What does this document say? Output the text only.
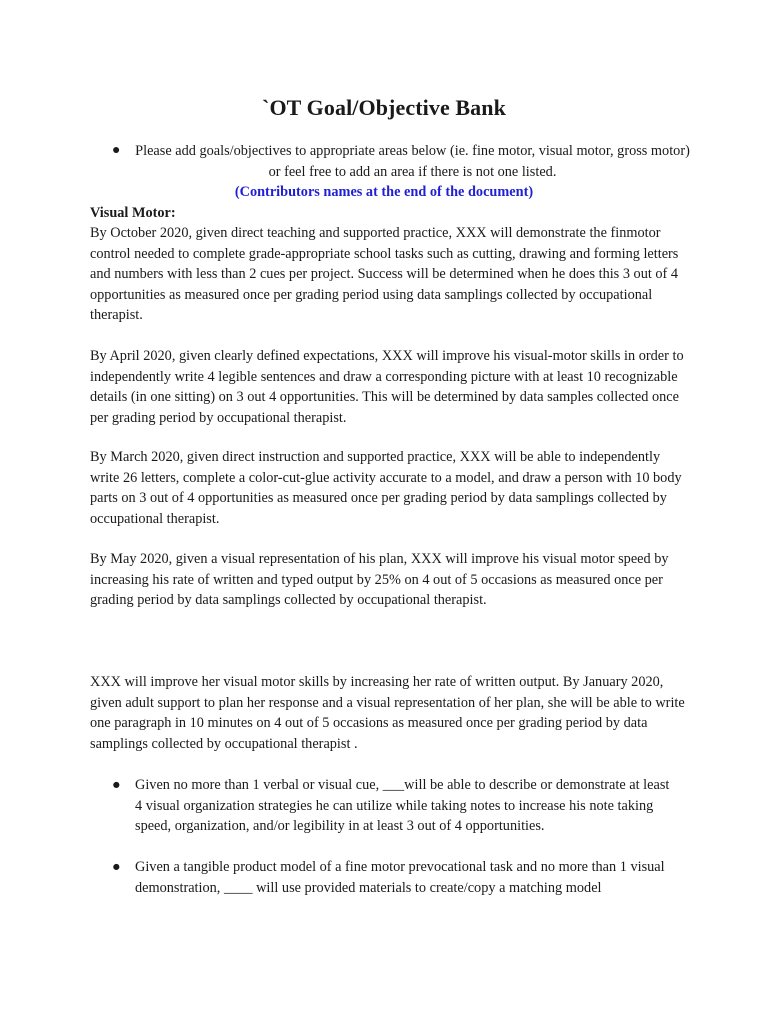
`OT Goal/Objective Bank
● Please add goals/objectives to appropriate areas below (ie. fine motor, visual motor, gross motor) or feel free to add an area if there is not one listed.
(Contributors names at the end of the document)
Visual Motor:

By October 2020, given direct teaching and supported practice, XXX will demonstrate the finmotor control needed to complete grade-appropriate school tasks such as cutting, drawing and forming letters and numbers with less than 2 cues per project. Success will be determined when he does this 3 out of 4 opportunities as measured once per grading period using data samplings collected by occupational therapist.

By April 2020, given clearly defined expectations, XXX will improve his visual-motor skills in order to independently write 4 legible sentences and draw a corresponding picture with at least 10 recognizable details (in one sitting) on 3 out 4 opportunities. This will be determined by data samples collected once per grading period by occupational therapist.

By March 2020, given direct instruction and supported practice, XXX will be able to independently write 26 letters, complete a color-cut-glue activity accurate to a model, and draw a person with 10 body parts on 3 out of 4 opportunities as measured once per grading period by data samplings collected by occupational therapist.

By May 2020, given a visual representation of his plan, XXX will improve his visual motor speed by increasing his rate of written and typed output by 25% on 4 out of 5 occasions as measured once per grading period by data samplings collected by occupational therapist.

XXX will improve her visual motor skills by increasing her rate of written output. By January 2020, given adult support to plan her response and a visual representation of her plan, she will be able to write one paragraph in 10 minutes on 4 out of 5 occasions as measured once per grading period by data samplings collected by occupational therapist .

● Given no more than 1 verbal or visual cue, ___will be able to describe or demonstrate at least 4 visual organization strategies he can utilize while taking notes to increase his note taking speed, organization, and/or legibility in at least 3 out of 4 opportunities.
● Given a tangible product model of a fine motor prevocational task and no more than 1 visual demonstration, ____ will use provided materials to create/copy a matching model
